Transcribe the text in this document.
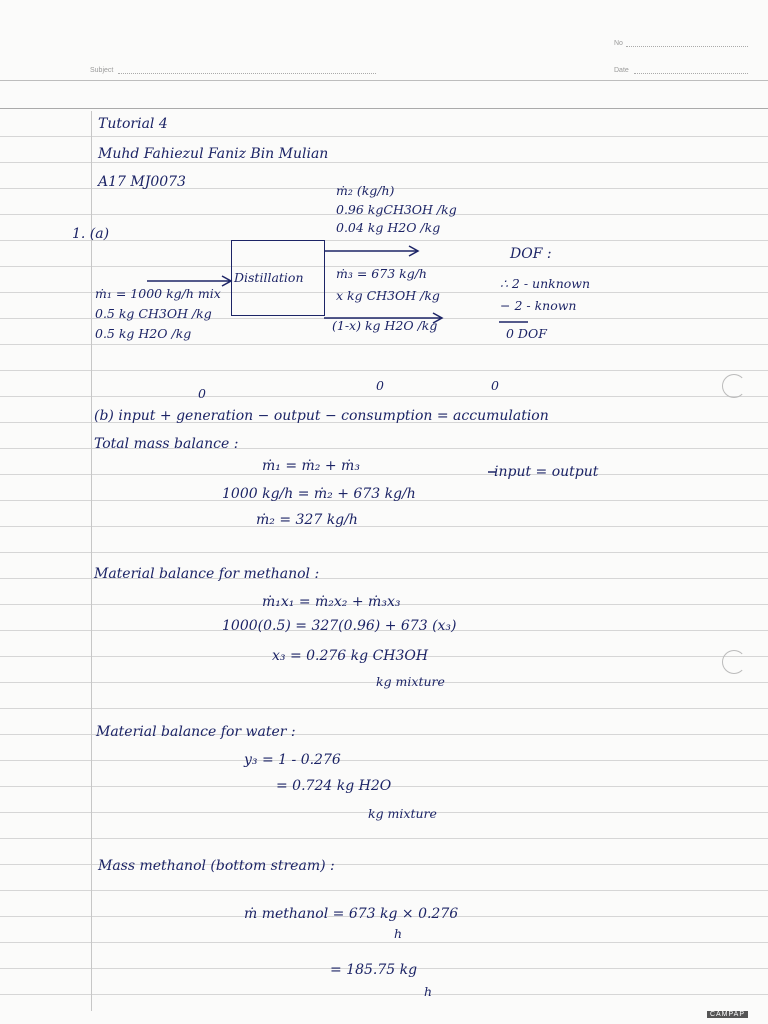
No
Subject	Date
Tutorial 4
Muhd Fahiezul Faniz Bin Mulian
A17 MJ0073
1. (a)
ṁ₂ (kg/h)
0.96 kgCH3OH /kg
0.04 kg H2O /kg
Distillation	ṁ₃ = 673 kg/h
x kg CH3OH /kg
(1-x) kg H2O /kg
ṁ₁ = 1000 kg/h mix
0.5 kg CH3OH /kg
0.5 kg H2O /kg
DOF :
∴ 2 - unknown
− 2 - known
0 DOF
0
0	0
(b) input + generation − output − consumption = accumulation
Total mass balance :
ṁ₁ = ṁ₂ + ṁ₃	input = output
1000 kg/h = ṁ₂ + 673 kg/h
ṁ₂ = 327 kg/h
Material balance for methanol :
ṁ₁x₁ = ṁ₂x₂ + ṁ₃x₃
1000(0.5) = 327(0.96) + 673 (x₃)
x₃ = 0.276 kg CH3OH
kg mixture
Material balance for water :
y₃ = 1 - 0.276
= 0.724 kg H2O
kg mixture
Mass methanol (bottom stream) :
ṁ methanol = 673 kg × 0.276
h
= 185.75 kg
h
CAMPAP
